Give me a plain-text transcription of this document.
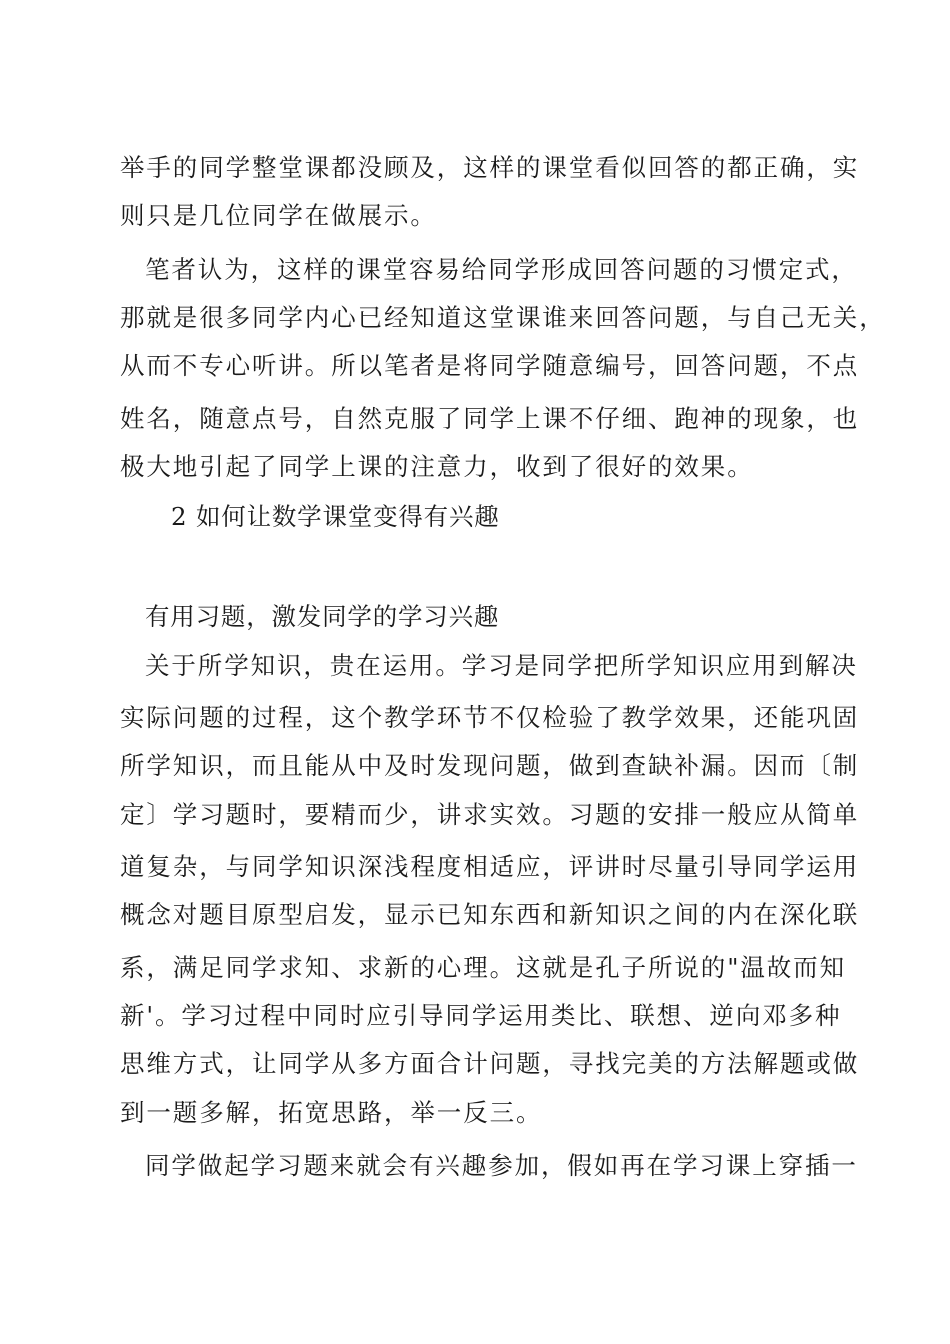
举手的同学整堂课都没顾及，这样的课堂看似回答的都正确，实
则只是几位同学在做展示。
笔者认为，这样的课堂容易给同学形成回答问题的习惯定式，
那就是很多同学内心已经知道这堂课谁来回答问题，与自己无关，
从而不专心听讲。所以笔者是将同学随意编号，回答问题，不点
姓名，随意点号，自然克服了同学上课不仔细、跑神的现象，也
极大地引起了同学上课的注意力，收到了很好的效果。
2 如何让数学课堂变得有兴趣
有用习题，激发同学的学习兴趣
关于所学知识，贵在运用。学习是同学把所学知识应用到解决
实际问题的过程，这个教学环节不仅检验了教学效果，还能巩固
所学知识，而且能从中及时发现问题，做到查缺补漏。因而〔制
定〕学习题时，要精而少，讲求实效。习题的安排一般应从简单
道复杂，与同学知识深浅程度相适应，评讲时尽量引导同学运用
概念对题目原型启发，显示已知东西和新知识之间的内在深化联
系，满足同学求知、求新的心理。这就是孔子所说的"温故而知
新'。学习过程中同时应引导同学运用类比、联想、逆向邓多种
思维方式，让同学从多方面合计问题，寻找完美的方法解题或做
到一题多解，拓宽思路，举一反三。
同学做起学习题来就会有兴趣参加，假如再在学习课上穿插一
